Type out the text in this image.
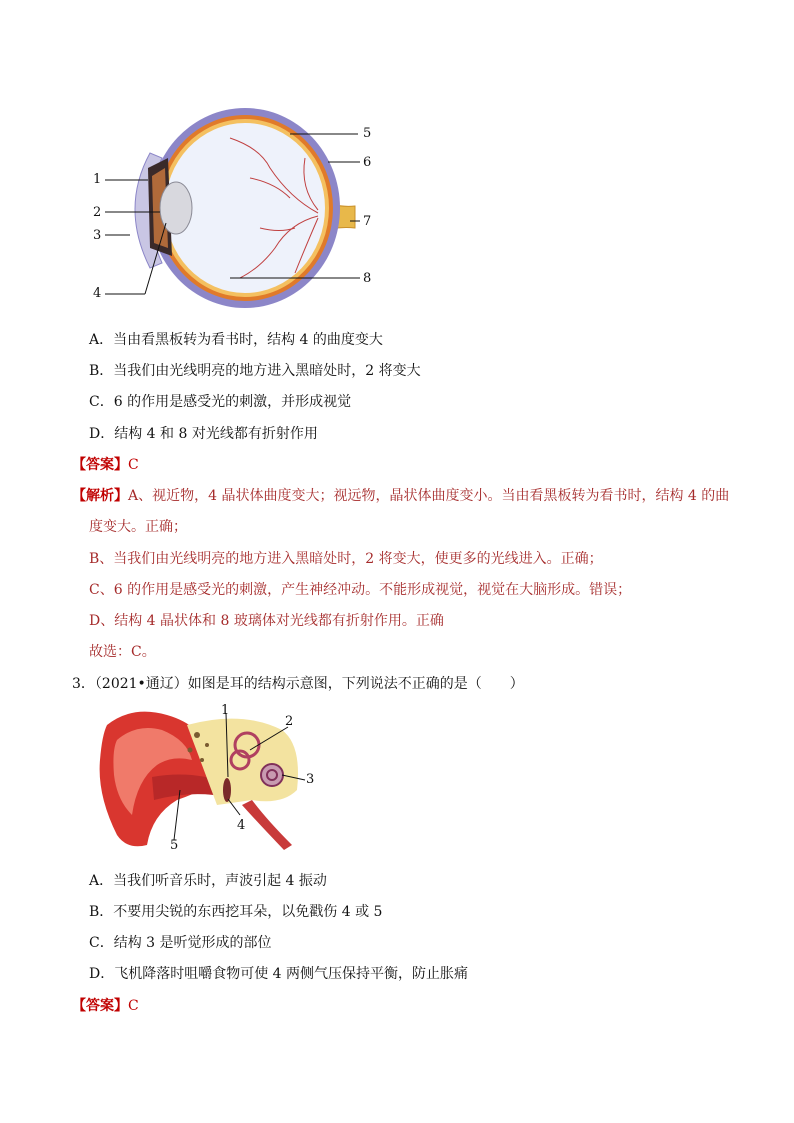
5
6
7
8
1
2
3
4
A．当由看黑板转为看书时，结构 4 的曲度变大
B．当我们由光线明亮的地方进入黑暗处时，2 将变大
C．6 的作用是感受光的刺激，并形成视觉
D．结构 4 和 8 对光线都有折射作用
【答案】C
【解析】A、视近物，4 晶状体曲度变大；视远物，晶状体曲度变小。当由看黑板转为看书时，结构 4 的曲
度变大。正确；
B、当我们由光线明亮的地方进入黑暗处时，2 将变大，使更多的光线进入。正确；
C、6 的作用是感受光的刺激，产生神经冲动。不能形成视觉，视觉在大脑形成。错误；
D、结构 4 晶状体和 8 玻璃体对光线都有折射作用。正确
故选：C。
3．（2021•通辽）如图是耳的结构示意图，下列说法不正确的是（　　）
1
2
3
4
5
A．当我们听音乐时，声波引起 4 振动
B．不要用尖锐的东西挖耳朵，以免戳伤 4 或 5
C．结构 3 是听觉形成的部位
D．飞机降落时咀嚼食物可使 4 两侧气压保持平衡，防止胀痛
【答案】C
